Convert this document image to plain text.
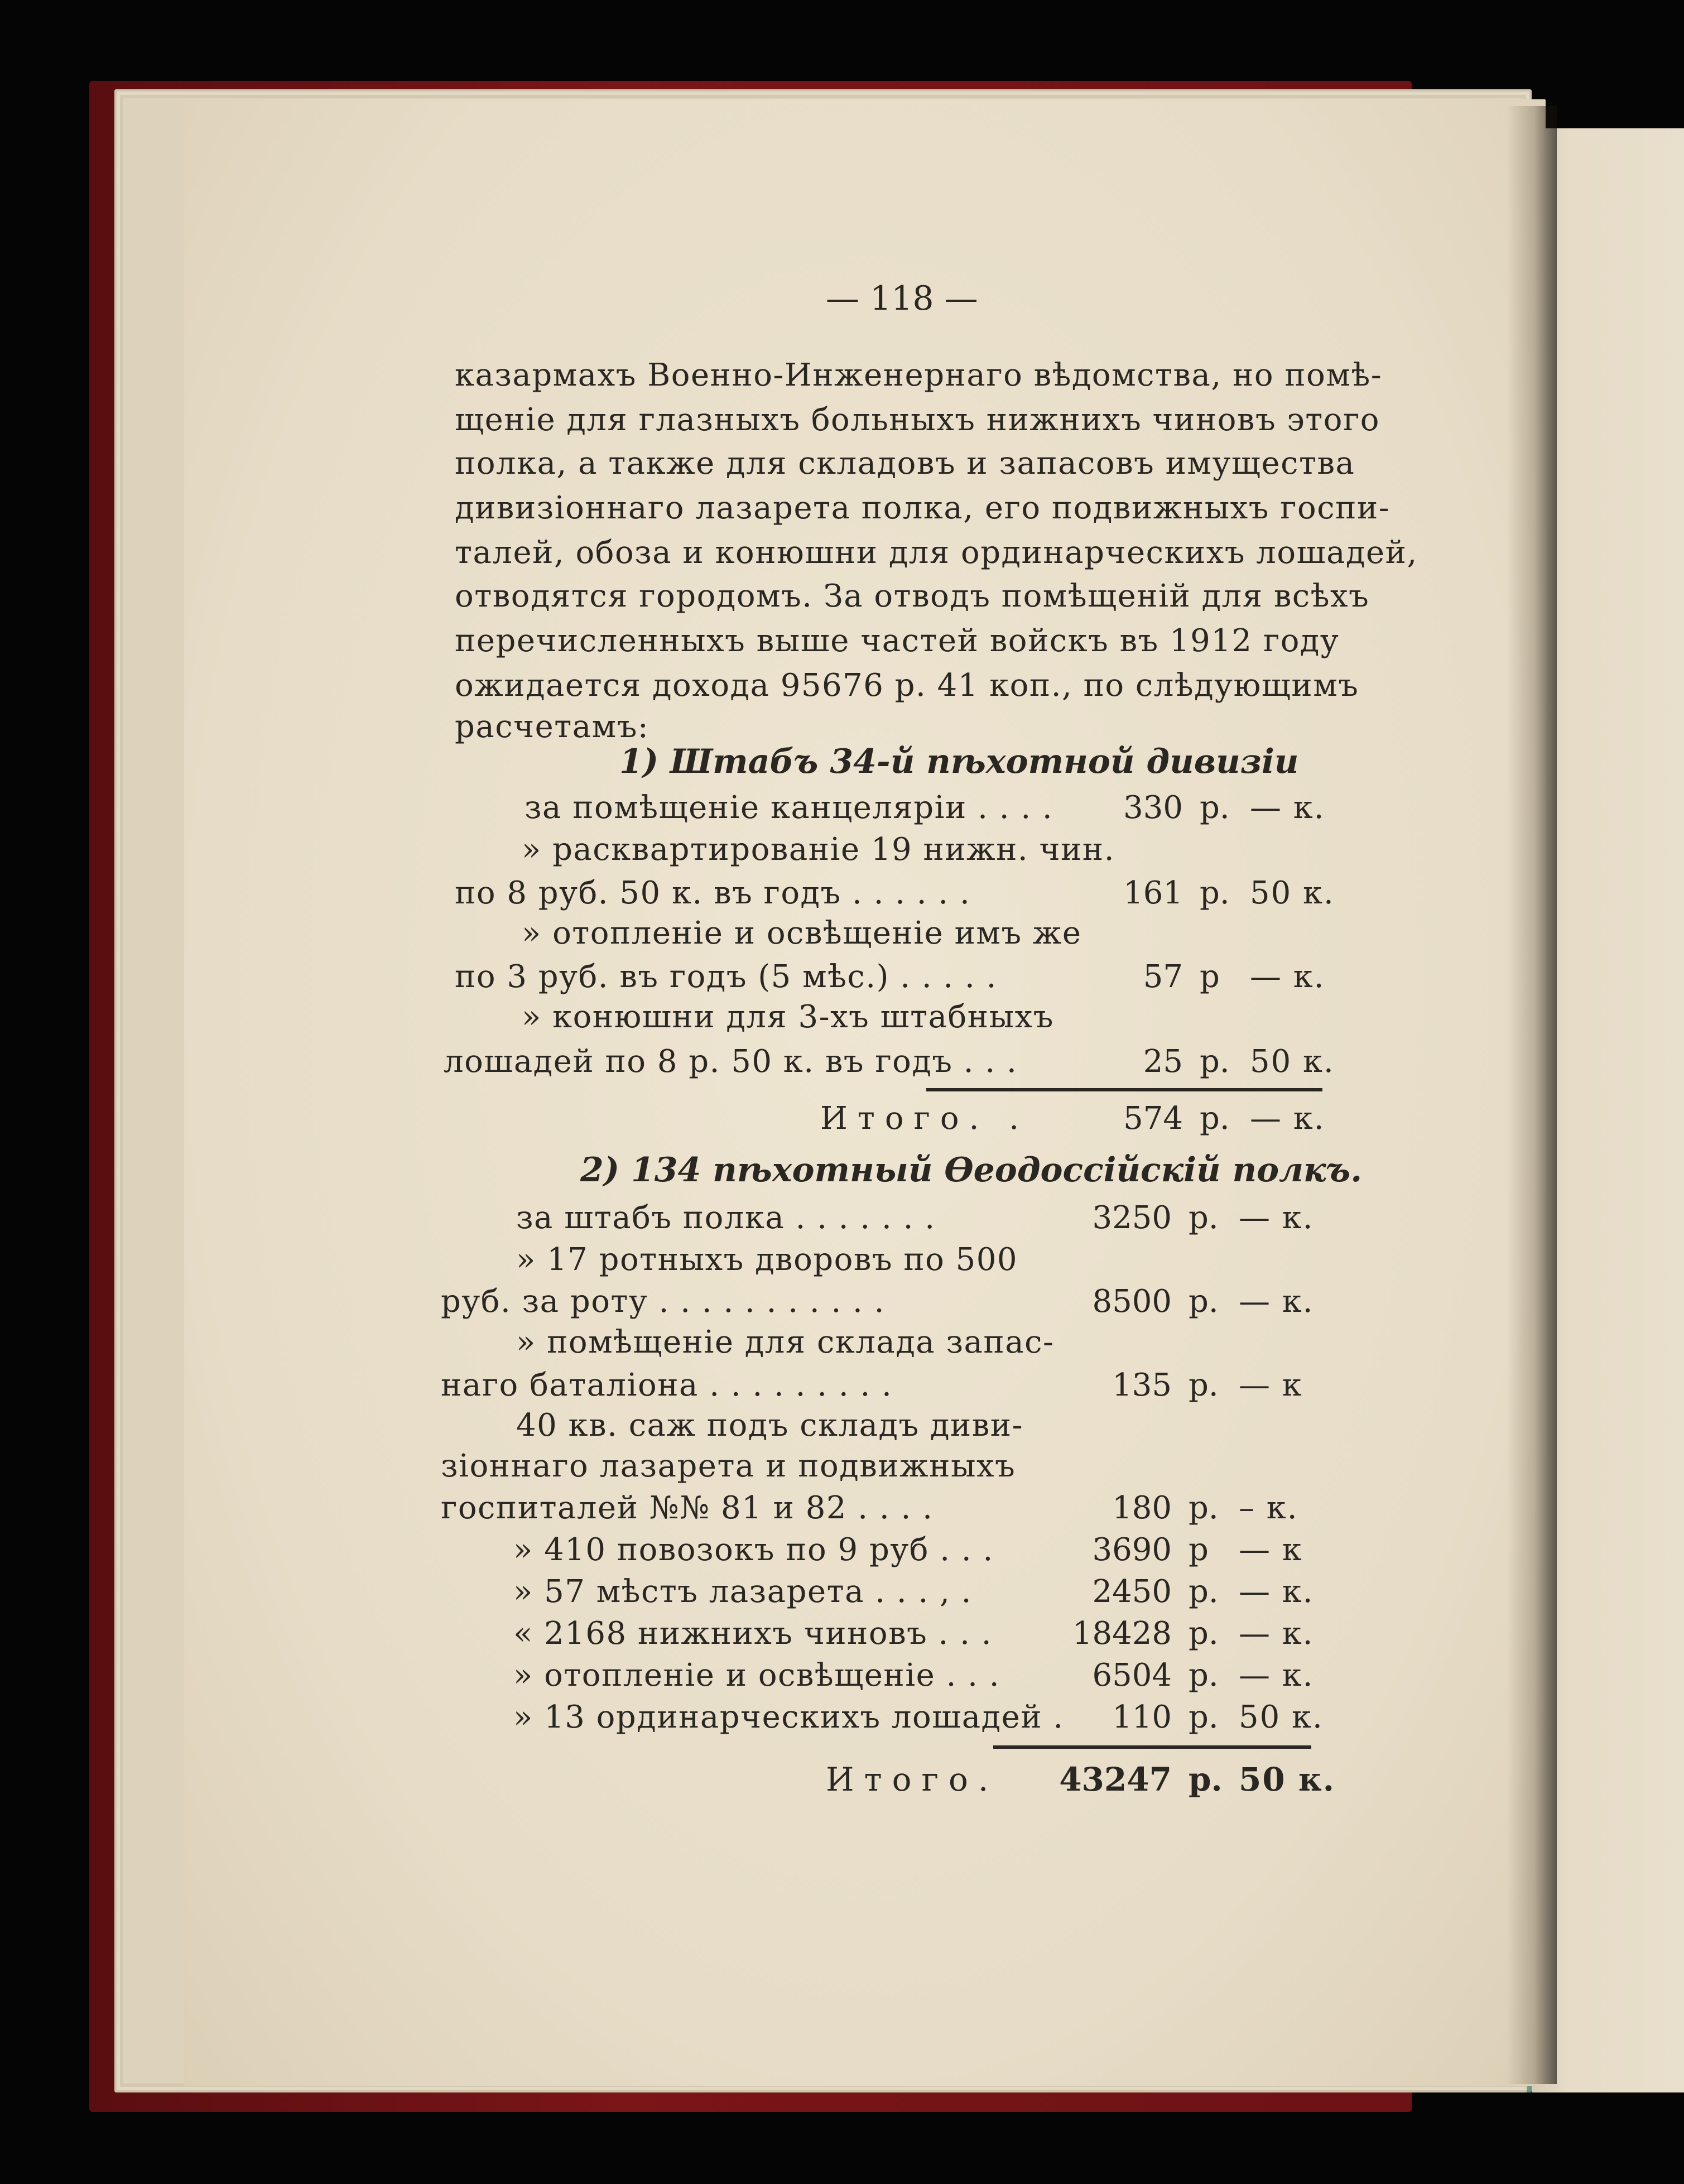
— 118 —
казармахъ Военно-Инженернаго вѣдомства, но помѣ-
щеніе для глазныхъ больныхъ нижнихъ чиновъ этого
полка, а также для складовъ и запасовъ имущества
дивизіоннаго лазарета полка, его подвижныхъ госпи-
талей, обоза и конюшни для ординарческихъ лошадей,
отводятся городомъ. За отводъ помѣщеній для всѣхъ
перечисленныхъ выше частей войскъ въ 1912 году
ожидается дохода 95676 р. 41 коп., по слѣдующимъ
расчетамъ:
1) Штабъ 34-й пѣхотной дивизіи
за помѣщеніе канцеляріи . . . .	330 р. — к.
» расквартированіе 19 нижн. чин.
по 8 руб. 50 к. въ годъ . . . . . .	161 р. 50 к.
» отопленіе и освѣщеніе имъ же
по 3 руб. въ годъ (5 мѣс.) . . . . .	57 р — к.
» конюшни для 3-хъ штабныхъ
лошадей по 8 р. 50 к. въ годъ . . .	25 р. 50 к.
Итого. .	574 р. — к.
2) 134 пѣхотный Ѳеодоссійскій полкъ.
за штабъ полка . . . . . . .	3250 р. — к.
» 17 ротныхъ дворовъ по 500
руб. за роту . . . . . . . . . . .	8500 р. — к.
» помѣщеніе для склада запас-
наго баталіона . . . . . . . . .	135 р. — к
40 кв. саж подъ складъ диви-
зіоннаго лазарета и подвижныхъ
госпиталей №№ 81 и 82 . . . .	180 р. – к.
» 410 повозокъ по 9 руб . . .	3690 р — к
» 57 мѣстъ лазарета . . . , .	2450 р. — к.
« 2168 нижнихъ чиновъ . . .	18428 р. — к.
» отопленіе и освѣщеніе . . .	6504 р. — к.
» 13 ординарческихъ лошадей .	110 р. 50 к.
Итого.	43247 р. 50 к.
